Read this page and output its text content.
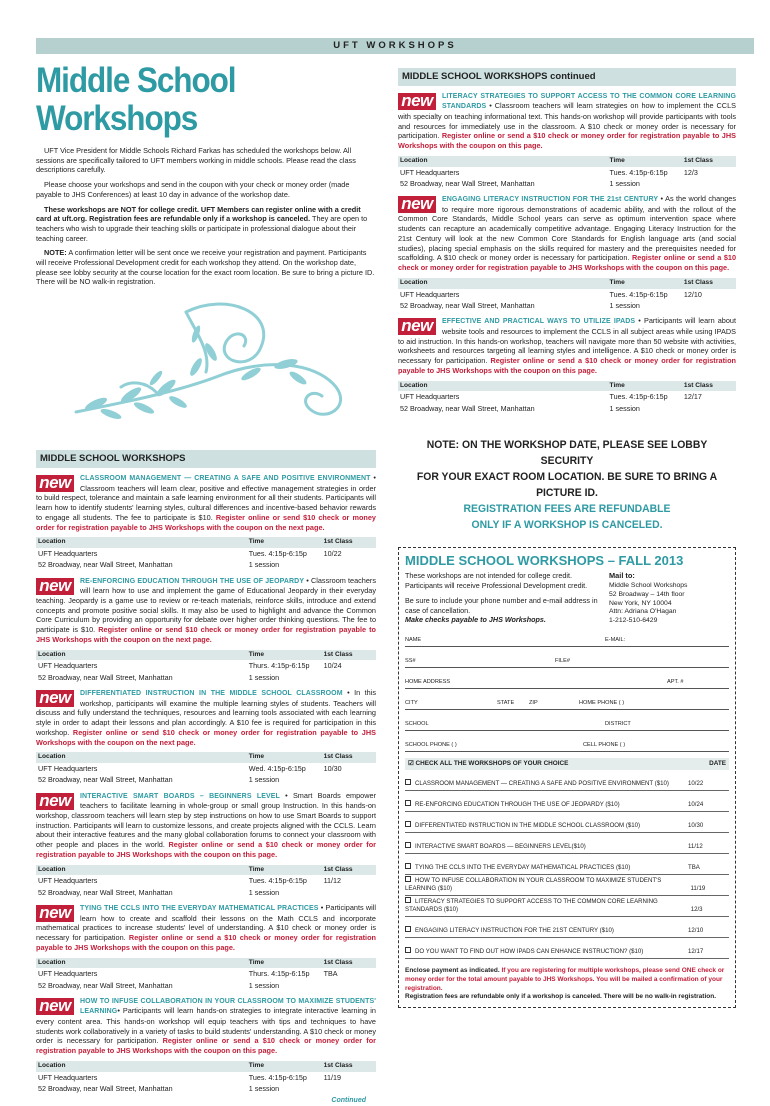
UFT WORKSHOPS
Middle School Workshops

UFT Vice President for Middle Schools Richard Farkas has scheduled the workshops below. All sessions are specifically tailored to UFT members working in middle schools. Please read the class descriptions carefully.

Please choose your workshops and send in the coupon with your check or money order (made payable to JHS Conferences) at least 10 day in advance of the workshop date.

These workshops are NOT for college credit. UFT Members can register online with a credit card at uft.org. Registration fees are refundable only if a workshop is canceled. They are open to teachers who wish to upgrade their teaching skills or participate in professional dialogue about their teaching career.

NOTE: A confirmation letter will be sent once we receive your registration and payment. Participants will receive Professional Development credit for each workshop they attend. On the workshop date, please see lobby security at the course location for the exact room location. Be sure to bring a picture ID. There will be NO walk-in registration.

MIDDLE SCHOOL WORKSHOPS
new	CLASSROOM MANAGEMENT — CREATING A SAFE AND POSITIVE ENVIRONMENT • Classroom teachers will learn clear, positive and effective management strategies in order to build respect, tolerance and maintain a safe learning environment for all their students. Participants will learn how to identify students' learning styles, cultural differences and incentive-based behavior rewards to engage all students. The fee to participate is $10. Register online or send $10 check or money order for registration payable to JHS Workshops with the coupon on the next page.
Location	Time	1st Class
UFT Headquarters	Tues. 4:15p-6:15p	10/22
52 Broadway, near Wall Street, Manhattan	1 session	
new	RE-ENFORCING EDUCATION THROUGH THE USE OF JEOPARDY • Classroom teachers will learn how to use and implement the game of Educational Jeopardy in their everyday teaching. Jeopardy is a game use to review or re-teach materials, reinforce skills, introduce and extend concepts and promote positive social skills. It may also be used to highlight and advance the Common Core Curriculum by providing an opportunity for debate over higher order thinking questions. The fee to participate is $10. Register online or send $10 check or money order for registration payable to JHS Workshops with the coupon on the next page.
Location	Time	1st Class
UFT Headquarters	Thurs. 4:15p-6:15p	10/24
52 Broadway, near Wall Street, Manhattan	1 session	
new	DIFFERENTIATED INSTRUCTION IN THE MIDDLE SCHOOL CLASSROOM • In this workshop, participants will examine the multiple learning styles of students. Teachers will discuss and fully understand the techniques, resources and learning tools associated with each learning style in order to adapt their lessons and plan accordingly. A $10 fee is required for participation in this workshop. Register online or send $10 check or money order for registration payable to JHS Workshops with the coupon on the next page.
Location	Time	1st Class
UFT Headquarters	Wed. 4:15p-6:15p	10/30
52 Broadway, near Wall Street, Manhattan	1 session	
new	INTERACTIVE SMART BOARDS – BEGINNERS LEVEL • Smart Boards empower teachers to facilitate learning in whole-group or small group Instruction. In this hands-on workshop, classroom teachers will learn step by step instructions on how to use Smart Boards to support instruction. Participants will learn to customize lessons, and create projects aligned with the CCLS. Learn about their interactive features and the many global collaboration forums to connect your classroom with other people and places in the world. Register online or send a $10 check or money order for registration payable to JHS Workshops with the coupon on this page.
Location	Time	1st Class
UFT Headquarters	Tues. 4:15p-6:15p	11/12
52 Broadway, near Wall Street, Manhattan	1 session	
new	TYING THE CCLS INTO THE EVERYDAY MATHEMATICAL PRACTICES • Participants will learn how to create and scaffold their lessons on the Math CCLS and incorporate mathematical practices to increase students' level of understanding. A $10 check or money order is necessary for participation. Register online or send a $10 check or money order for registration payable to JHS Workshops with the coupon on this page.
Location	Time	1st Class
UFT Headquarters	Thurs. 4:15p-6:15p	TBA
52 Broadway, near Wall Street, Manhattan	1 session	
new	HOW TO INFUSE COLLABORATION IN YOUR CLASSROOM TO MAXIMIZE STUDENTS' LEARNING• Participants will learn hands-on strategies to integrate interactive learning in every content area. This hands-on workshop will equip teachers with tips and techniques to have students work collaboratively in a variety of tasks to build students' understanding. A $10 check or money order is necessary for participation. Register online or send a $10 check or money order for registration payable to JHS Workshops with the coupon on this page.
Location	Time	1st Class
UFT Headquarters	Tues. 4:15p-6:15p	11/19
52 Broadway, near Wall Street, Manhattan	1 session	
Continued
MIDDLE SCHOOL WORKSHOPS continued
new	LITERACY STRATEGIES TO SUPPORT ACCESS TO THE COMMON CORE LEARNING STANDARDS • Classroom teachers will learn strategies on how to implement the CCLS with specialty on teaching informational text. This hands-on workshop will provide participants with tools and resources for immediately use in the classroom. A $10 check or money order is necessary for participation. Register online or send a $10 check or money order for registration payable to JHS Workshops with the coupon on this page.
Location	Time	1st Class
UFT Headquarters	Tues. 4:15p-6:15p	12/3
52 Broadway, near Wall Street, Manhattan	1 session	
new	ENGAGING LITERACY INSTRUCTION FOR THE 21st CENTURY • As the world changes to require more rigorous demonstrations of academic ability, and with the rollout of the Common Core Standards, Middle School years can serve as optimum intervention space where students can recapture an academically competitive advantage. Engaging Literacy Instruction for the 21st Century will look at the new Common Core Standards for English language arts (and social studies), placing special emphasis on the skills required for mastery and the prerequisites needed for scaffolding. A $10 check or money order is necessary for participation. Register online or send a $10 check or money order for registration payable to JHS Workshops with the coupon on this page.
Location	Time	1st Class
UFT Headquarters	Tues. 4:15p-6:15p	12/10
52 Broadway, near Wall Street, Manhattan	1 session	
new	EFFECTIVE AND PRACTICAL WAYS TO UTILIZE IPADS • Participants will learn about website tools and resources to implement the CCLS in all subject areas while using IPADS to aid instruction. In this hands-on workshop, teachers will navigate more than 50 website with activities, worksheets and resources targeting all learning styles and intelligence. A $10 check or money order is necessary for participation. Register online or send a $10 check or money order for registration payable to JHS Workshops with the coupon on this page.
Location	Time	1st Class
UFT Headquarters	Tues. 4:15p-6:15p	12/17
52 Broadway, near Wall Street, Manhattan	1 session	
NOTE: ON THE WORKSHOP DATE, PLEASE SEE LOBBY SECURITY
FOR YOUR EXACT ROOM LOCATION. BE SURE TO BRING A PICTURE ID.
REGISTRATION FEES ARE REFUNDABLE
ONLY IF A WORKSHOP IS CANCELED.
MIDDLE SCHOOL WORKSHOPS – FALL 2013
These workshops are not intended for college credit.
Participants will receive Professional Development credit.
Be sure to include your phone number and e-mail address in case of cancellation.
Make checks payable to JHS Workshops.
Mail to:
Middle School Workshops
52 Broadway – 14th floor
New York, NY 10004
Attn: Adriana O'Hagan
1-212-510-6429
NAME	E-MAIL:
SS#	FILE#
HOME ADDRESS	APT. #
CITY	STATE	ZIP	HOME PHONE ( )
SCHOOL	DISTRICT
SCHOOL PHONE ( )	CELL PHONE ( )
☑ CHECK ALL THE WORKSHOPS OF YOUR CHOICE	DATE
CLASSROOM MANAGEMENT — CREATING A SAFE AND POSITIVE ENVIRONMENT ($10)	10/22
RE-ENFORCING EDUCATION THROUGH THE USE OF JEOPARDY ($10)	10/24
DIFFERENTIATED INSTRUCTION IN THE MIDDLE SCHOOL CLASSROOM ($10)	10/30
INTERACTIVE SMART BOARDS — BEGINNERS LEVEL($10)	11/12
TYING THE CCLS INTO THE EVERYDAY MATHEMATICAL PRACTICES ($10)	TBA
HOW TO INFUSE COLLABORATION IN YOUR CLASSROOM TO MAXIMIZE STUDENT'S LEARNING ($10)	11/19
LITERACY STRATEGIES TO SUPPORT ACCESS TO THE COMMON CORE LEARNING STANDARDS ($10)	12/3
ENGAGING LITERACY INSTRUCTION FOR THE 21ST CENTURY ($10)	12/10
DO YOU WANT TO FIND OUT HOW IPADS CAN ENHANCE INSTRUCTION? ($10)	12/17
Enclose payment as indicated. If you are registering for multiple workshops, please send ONE check or money order for the total amount payable to JHS Workshops. You will be mailed a confirmation of your registration.
Registration fees are refundable only if a workshop is canceled. There will be no walk-in registration.
